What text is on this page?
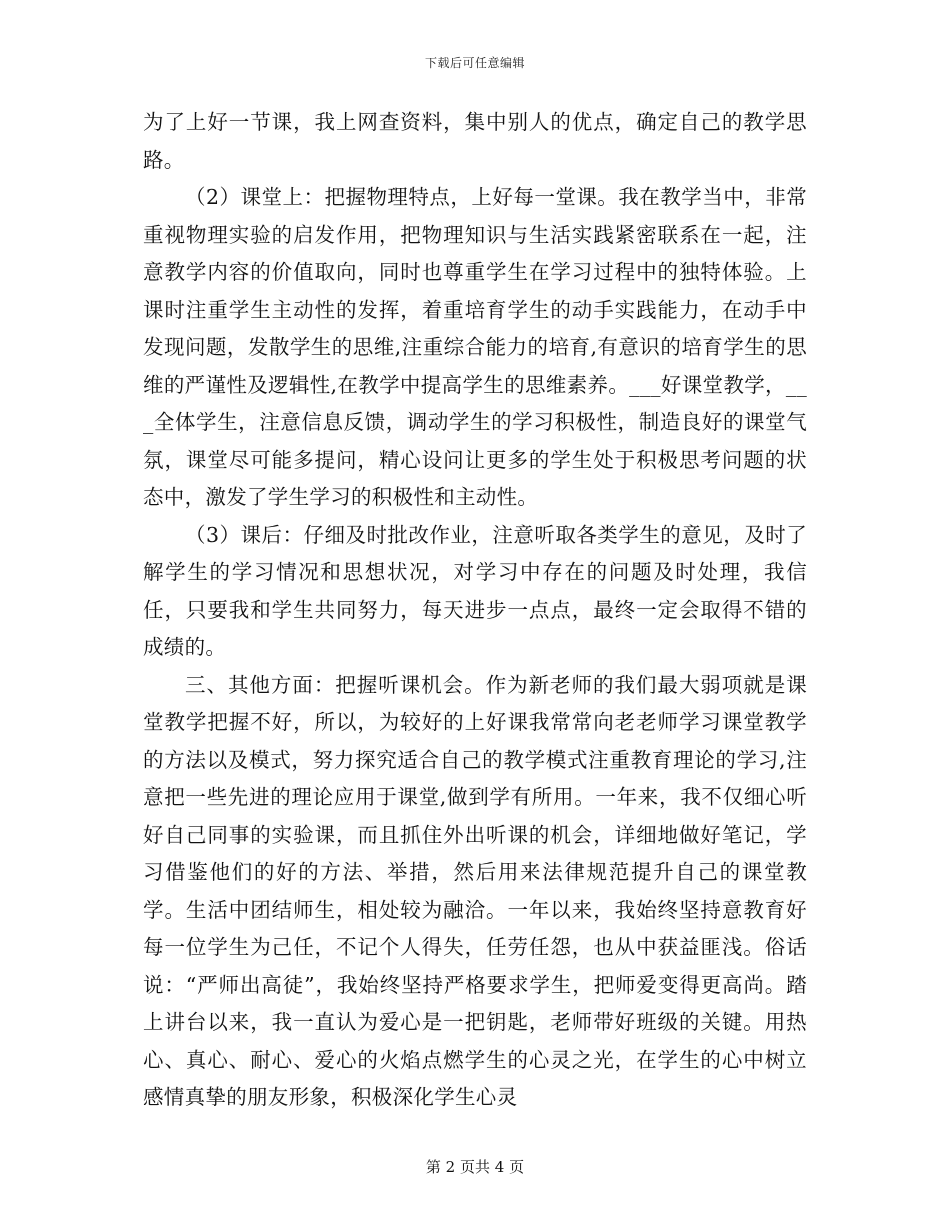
下载后可任意编辑

为了上好一节课，我上网查资料，集中别人的优点，确定自己的教学思路。

（2）课堂上：把握物理特点，上好每一堂课。我在教学当中，非常重视物理实验的启发作用，把物理知识与生活实践紧密联系在一起，注意教学内容的价值取向，同时也尊重学生在学习过程中的独特体验。上课时注重学生主动性的发挥，着重培育学生的动手实践能力，在动手中发现问题，发散学生的思维,注重综合能力的培育,有意识的培育学生的思维的严谨性及逻辑性,在教学中提高学生的思维素养。___好课堂教学，___全体学生，注意信息反馈，调动学生的学习积极性，制造良好的课堂气氛，课堂尽可能多提问，精心设问让更多的学生处于积极思考问题的状态中，激发了学生学习的积极性和主动性。

（3）课后：仔细及时批改作业，注意听取各类学生的意见，及时了解学生的学习情况和思想状况，对学习中存在的问题及时处理，我信任，只要我和学生共同努力，每天进步一点点，最终一定会取得不错的成绩的。

三、其他方面：把握听课机会。作为新老师的我们最大弱项就是课堂教学把握不好，所以，为较好的上好课我常常向老老师学习课堂教学的方法以及模式，努力探究适合自己的教学模式注重教育理论的学习,注意把一些先进的理论应用于课堂,做到学有所用。一年来，我不仅细心听好自己同事的实验课，而且抓住外出听课的机会，详细地做好笔记，学习借鉴他们的好的方法、举措，然后用来法律规范提升自己的课堂教学。生活中团结师生，相处较为融洽。一年以来，我始终坚持意教育好每一位学生为己任，不记个人得失，任劳任怨，也从中获益匪浅。俗话说：“严师出高徒”，我始终坚持严格要求学生，把师爱变得更高尚。踏上讲台以来，我一直认为爱心是一把钥匙，老师带好班级的关键。用热心、真心、耐心、爱心的火焰点燃学生的心灵之光，在学生的心中树立感情真挚的朋友形象，积极深化学生心灵

第 2 页共 4 页
